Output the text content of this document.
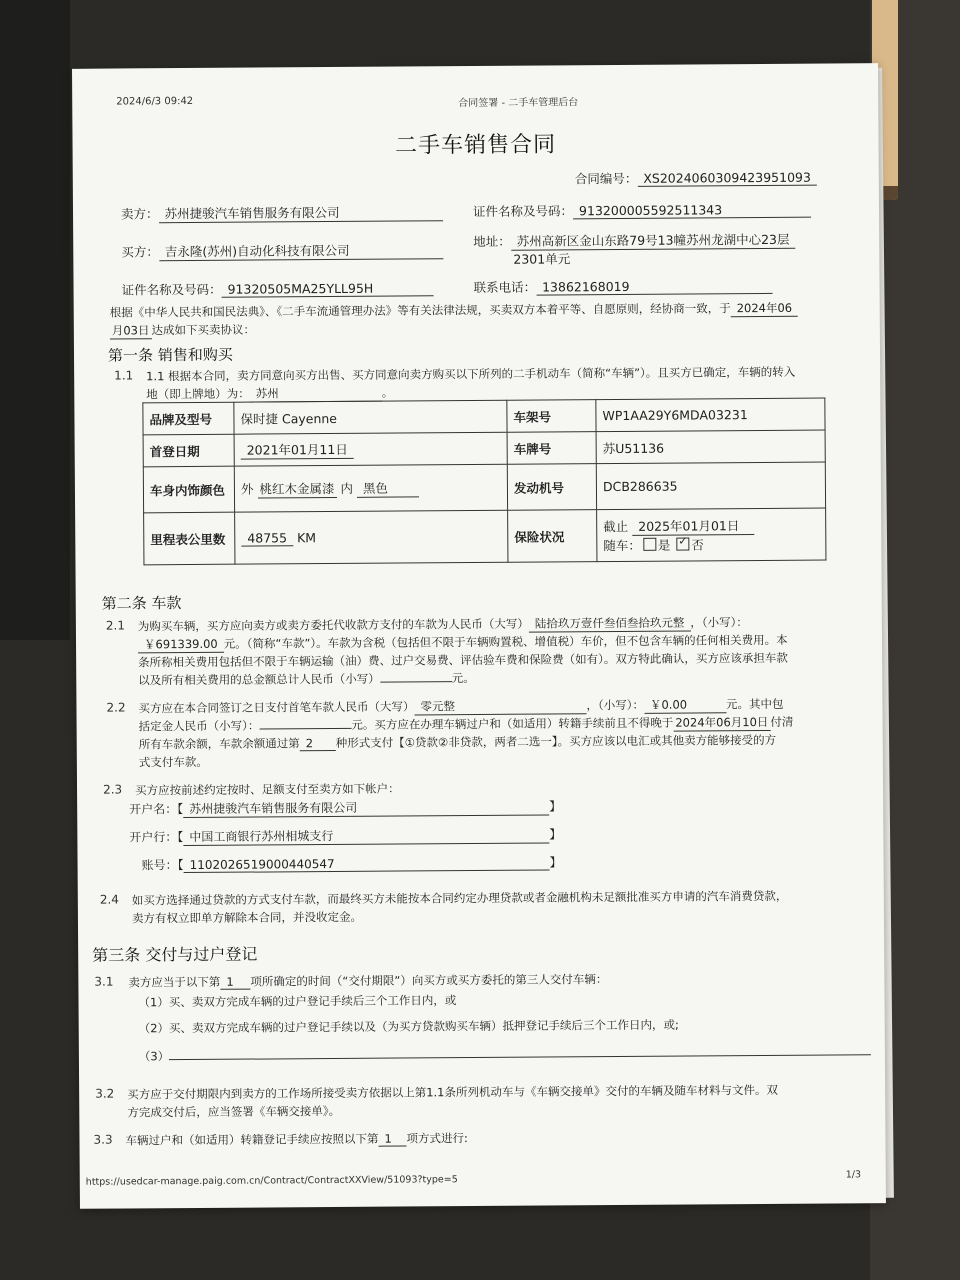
2024/6/3 09:42	合同签署 - 二手车管理后台
二手车销售合同
合同编号： XS2024060309423951093
卖方： 苏州捷骏汽车销售服务有限公司	证件名称及号码： 913200005592511343
买方： 吉永隆(苏州)自动化科技有限公司
地址： 苏州高新区金山东路79号13幢苏州龙湖中心23层
2301单元
证件名称及号码： 91320505MA25YLL95H	联系电话： 13862168019
根据《中华人民共和国民法典》、《二手车流通管理办法》等有关法律法规，买卖双方本着平等、自愿原则，经协商一致，于 2024年06
月03日 达成如下买卖协议：
第一条 销售和购买
1.1 1.1 根据本合同，卖方同意向买方出售、买方同意向卖方购买以下所列的二手机动车（简称“车辆”）。且买方已确定，车辆的转入
地（即上牌地）为： 苏州	。
品牌及型号	保时捷 Cayenne	车架号	WP1AA29Y6MDA03231
首登日期	2021年01月11日	车牌号	苏U51136
车身内饰颜色	外 桃红木金属漆 内 黑色	发动机号	DCB286635
里程表公里数	48755 KM	保险状况	截止 2025年01月01日
随车： 是 ✓ 否
第二条 车款
2.1 为购买车辆，买方应向卖方或卖方委托代收款方支付的车款为人民币（大写） 陆拾玖万壹仟叁佰叁拾玖元整 ，（小写）：
￥691339.00 元。（简称“车款”）。车款为含税（包括但不限于车辆购置税、增值税）车价，但不包含车辆的任何相关费用。本
条所称相关费用包括但不限于车辆运输（油）费、过户交易费、评估验车费和保险费（如有）。双方特此确认，买方应该承担车款
以及所有相关费用的总金额总计人民币（小写）	元。
2.2 买方应在本合同签订之日支付首笔车款人民币（大写） 零元整	，（小写）： ￥0.00	元。其中包
括定金人民币（小写）：	元。买方应在办理车辆过户和（如适用）转籍手续前且不得晚于 2024年06月10日 付清
所有车款余额，车款余额通过第 2 种形式支付【①贷款②非贷款，两者二选一】。买方应该以电汇或其他卖方能够接受的方
式支付车款。
2.3 买方应按前述约定按时、足额支付至卖方如下帐户：
开户名：【 苏州捷骏汽车销售服务有限公司	】
开户行：【 中国工商银行苏州相城支行	】
账号：【 1102026519000440547	】
2.4 如买方选择通过贷款的方式支付车款，而最终买方未能按本合同约定办理贷款或者金融机构未足额批准买方申请的汽车消费贷款，
卖方有权立即单方解除本合同，并没收定金。
第三条 交付与过户登记
3.1 卖方应当于以下第 1 项所确定的时间（“交付期限”）向买方或买方委托的第三人交付车辆：
（1）买、卖双方完成车辆的过户登记手续后三个工作日内，或
（2）买、卖双方完成车辆的过户登记手续以及（为买方贷款购买车辆）抵押登记手续后三个工作日内，或;
（3）
3.2 买方应于交付期限内到卖方的工作场所接受卖方依据以上第1.1条所列机动车与《车辆交接单》交付的车辆及随车材料与文件。双
方完成交付后，应当签署《车辆交接单》。
3.3 车辆过户和（如适用）转籍登记手续应按照以下第 1 项方式进行:
https://usedcar-manage.paig.com.cn/Contract/ContractXXView/51093?type=5	1/3
